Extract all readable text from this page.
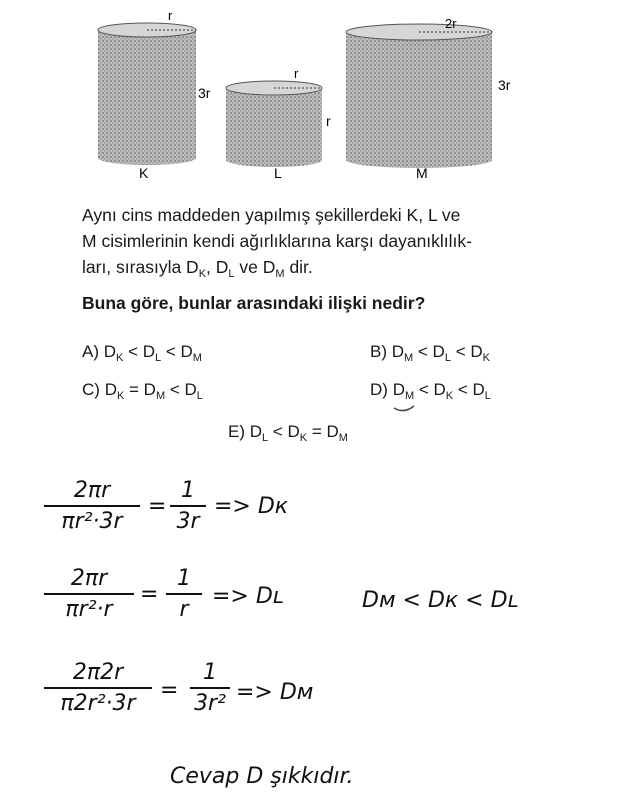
r
3r
r
r
2r
3r
K	L	M
Aynı cins maddeden yapılmış şekillerdeki K, L ve
M cisimlerinin kendi ağırlıklarına karşı dayanıklılık-
ları, sırasıyla $D_K$, $D_L$ ve $D_M$ dir.
Buna göre, bunlar arasındaki ilişki nedir?
A) $D_K < D_L < D_M$	B) $D_M < D_L < D_K$
C) $D_K = D_M < D_L$	D) $D_M < D_K < D_L$
E) $D_L < D_K = D_M$
2πr
πr²·3r
=
1
3r
=> Dк
2πr
πr²·r
=
1
r
=> Dʟ	Dм < Dк < Dʟ
2π2r
π2r²·3r
=
1
3r² => Dм
Cevap D şıkkıdır.
